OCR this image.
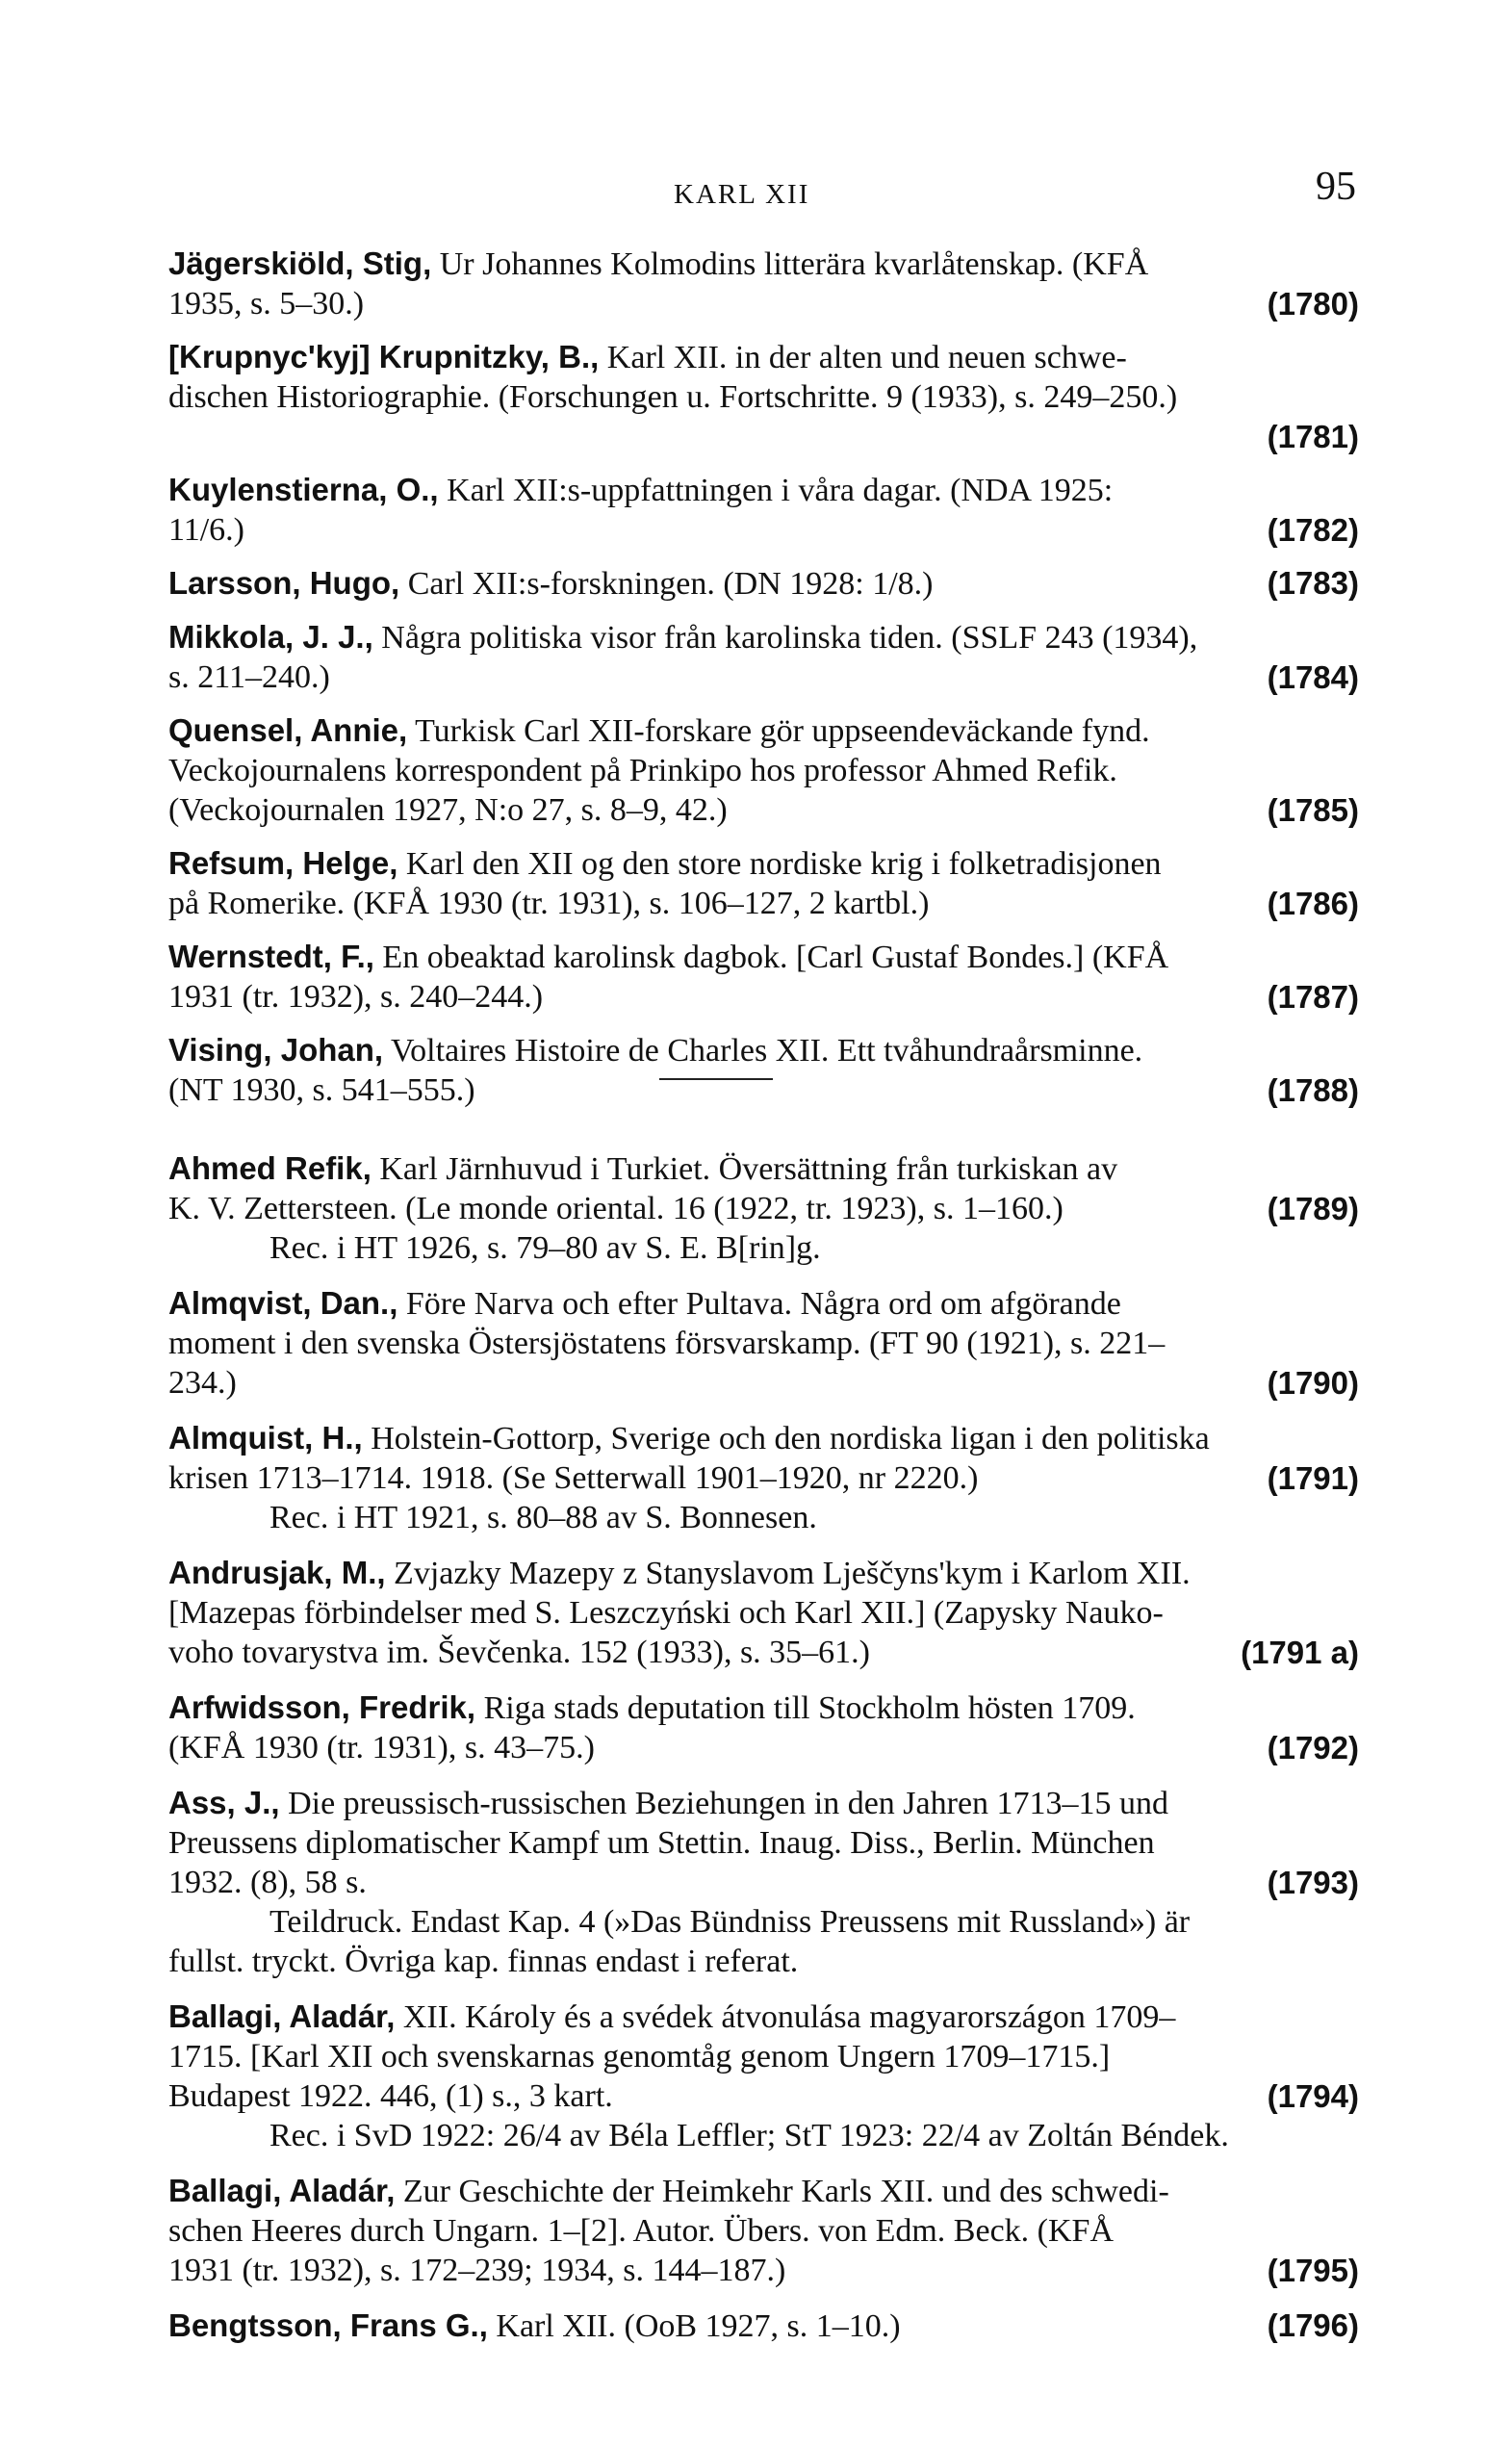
KARL XII	95
Jägerskiöld, Stig, Ur Johannes Kolmodins litterära kvarlåtenskap. (KFÅ
1935, s. 5–30.)	(1780)
[Krupnyc'kyj] Krupnitzky, B., Karl XII. in der alten und neuen schwe-
dischen Historiographie. (Forschungen u. Fortschritte. 9 (1933), s. 249–250.)
(1781)
Kuylenstierna, O., Karl XII:s-uppfattningen i våra dagar. (NDA 1925:
11/6.)	(1782)
Larsson, Hugo, Carl XII:s-forskningen. (DN 1928: 1/8.)	(1783)
Mikkola, J. J., Några politiska visor från karolinska tiden. (SSLF 243 (1934),
s. 211–240.)	(1784)
Quensel, Annie, Turkisk Carl XII-forskare gör uppseendeväckande fynd.
Veckojournalens korrespondent på Prinkipo hos professor Ahmed Refik.
(Veckojournalen 1927, N:o 27, s. 8–9, 42.)	(1785)
Refsum, Helge, Karl den XII og den store nordiske krig i folketradisjonen
på Romerike. (KFÅ 1930 (tr. 1931), s. 106–127, 2 kartbl.)	(1786)
Wernstedt, F., En obeaktad karolinsk dagbok. [Carl Gustaf Bondes.] (KFÅ
1931 (tr. 1932), s. 240–244.)	(1787)
Vising, Johan, Voltaires Histoire de Charles XII. Ett tvåhundraårsminne.
(NT 1930, s. 541–555.)	(1788)
Ahmed Refik, Karl Järnhuvud i Turkiet. Översättning från turkiskan av
K. V. Zettersteen. (Le monde oriental. 16 (1922, tr. 1923), s. 1–160.)	(1789)
Rec. i HT 1926, s. 79–80 av S. E. B[rin]g.
Almqvist, Dan., Före Narva och efter Pultava. Några ord om afgörande
moment i den svenska Östersjöstatens försvarskamp. (FT 90 (1921), s. 221–
234.)	(1790)
Almquist, H., Holstein-Gottorp, Sverige och den nordiska ligan i den politiska
krisen 1713–1714. 1918. (Se Setterwall 1901–1920, nr 2220.)	(1791)
Rec. i HT 1921, s. 80–88 av S. Bonnesen.
Andrusjak, M., Zvjazky Mazepy z Stanyslavom Lješčyns'kym i Karlom XII.
[Mazepas förbindelser med S. Leszczyński och Karl XII.] (Zapysky Nauko-
voho tovarystva im. Ševčenka. 152 (1933), s. 35–61.)	(1791 a)
Arfwidsson, Fredrik, Riga stads deputation till Stockholm hösten 1709.
(KFÅ 1930 (tr. 1931), s. 43–75.)	(1792)
Ass, J., Die preussisch-russischen Beziehungen in den Jahren 1713–15 und
Preussens diplomatischer Kampf um Stettin. Inaug. Diss., Berlin. München
1932. (8), 58 s.	(1793)
Teildruck. Endast Kap. 4 (»Das Bündniss Preussens mit Russland») är
fullst. tryckt. Övriga kap. finnas endast i referat.
Ballagi, Aladár, XII. Károly és a svédek átvonulása magyarországon 1709–
1715. [Karl XII och svenskarnas genomtåg genom Ungern 1709–1715.]
Budapest 1922. 446, (1) s., 3 kart.	(1794)
Rec. i SvD 1922: 26/4 av Béla Leffler; StT 1923: 22/4 av Zoltán Béndek.
Ballagi, Aladár, Zur Geschichte der Heimkehr Karls XII. und des schwedi-
schen Heeres durch Ungarn. 1–[2]. Autor. Übers. von Edm. Beck. (KFÅ
1931 (tr. 1932), s. 172–239; 1934, s. 144–187.)	(1795)
Bengtsson, Frans G., Karl XII. (OoB 1927, s. 1–10.)	(1796)
